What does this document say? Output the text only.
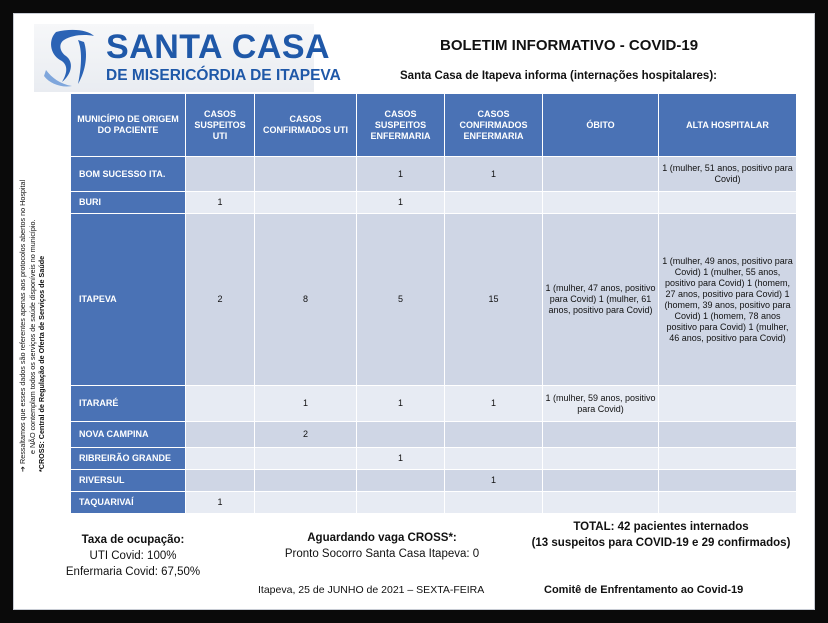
SANTA CASA
DE MISERICÓRDIA DE ITAPEVA
BOLETIM INFORMATIVO - COVID-19
Santa Casa de Itapeva informa (internações hospitalares):
➔ Ressaltamos que esses dados são referentes apenas aos protocolos abertos no Hospital e NÃO contemplam todos os serviços de saúde disponíveis no município. *CROSS: Central de Regulação de Oferta de Serviços de Saúde
MUNICÍPIO DE ORIGEM DO PACIENTE	CASOS SUSPEITOS UTI	CASOS CONFIRMADOS UTI	CASOS SUSPEITOS ENFERMARIA	CASOS CONFIRMADOS ENFERMARIA	ÓBITO	ALTA HOSPITALAR
BOM SUCESSO ITA.			1	1		1 (mulher, 51 anos, positivo para Covid)
BURI	1		1			
ITAPEVA	2	8	5	15	1 (mulher, 47 anos, positivo para Covid) 1 (mulher, 61 anos, positivo para Covid)	1 (mulher, 49 anos, positivo para Covid) 1 (mulher, 55 anos, positivo para Covid) 1 (homem, 27 anos, positivo para Covid) 1 (homem, 39 anos, positivo para Covid) 1 (homem, 78 anos positivo para Covid) 1 (mulher, 46 anos, positivo para Covid)
ITARARÉ		1	1	1	1 (mulher, 59 anos, positivo para Covid)	
NOVA CAMPINA		2				
RIBREIRÃO GRANDE			1			
RIVERSUL				1		
TAQUARIVAÍ	1					
Taxa de ocupação:
UTI Covid: 100%
Enfermaria Covid: 67,50%
Aguardando vaga CROSS*:
Pronto Socorro Santa Casa Itapeva: 0
TOTAL: 42 pacientes internados
(13 suspeitos para COVID-19 e 29 confirmados)
Itapeva, 25 de JUNHO de 2021 – SEXTA-FEIRA	Comitê de Enfrentamento ao Covid-19
